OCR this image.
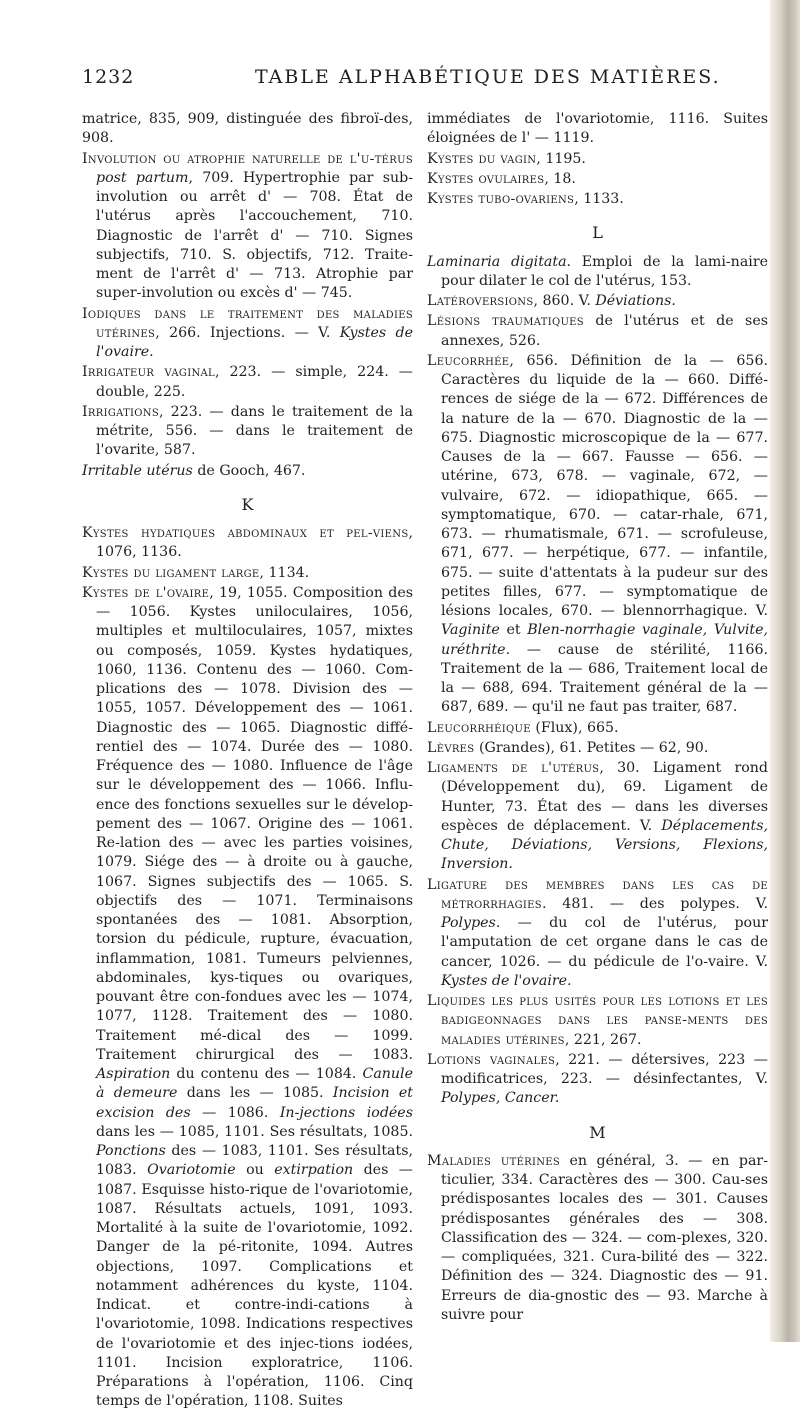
1232	TABLE ALPHABÉTIQUE DES MATIÈRES.

matrice, 835, 909, distinguée des fibroï-des, 908.

Involution ou atrophie naturelle de l'u-térus post partum, 709. Hypertrophie par sub-involution ou arrêt d' — 708. État de l'utérus après l'accouchement, 710. Diagnostic de l'arrêt d' — 710. Signes subjectifs, 710. S. objectifs, 712. Traite-ment de l'arrêt d' — 713. Atrophie par super-involution ou excès d' — 745.

Iodiques dans le traitement des maladies utérines, 266. Injections. — V. Kystes de l'ovaire.

Irrigateur vaginal, 223. — simple, 224. — double, 225.

Irrigations, 223. — dans le traitement de la métrite, 556. — dans le traitement de l'ovarite, 587.

Irritable utérus de Gooch, 467.

K

Kystes hydatiques abdominaux et pel-viens, 1076, 1136.

Kystes du ligament large, 1134.

Kystes de l'ovaire, 19, 1055. Composition des — 1056. Kystes uniloculaires, 1056, multiples et multiloculaires, 1057, mixtes ou composés, 1059. Kystes hydatiques, 1060, 1136. Contenu des — 1060. Com-plications des — 1078. Division des — 1055, 1057. Développement des — 1061. Diagnostic des — 1065. Diagnostic diffé-rentiel des — 1074. Durée des — 1080. Fréquence des — 1080. Influence de l'âge sur le développement des — 1066. Influ-ence des fonctions sexuelles sur le dévelop-pement des — 1067. Origine des — 1061. Re-lation des — avec les parties voisines, 1079. Siége des — à droite ou à gauche, 1067. Signes subjectifs des — 1065. S. objectifs des — 1071. Terminaisons spontanées des — 1081. Absorption, torsion du pédicule, rupture, évacuation, inflammation, 1081. Tumeurs pelviennes, abdominales, kys-tiques ou ovariques, pouvant être con-fondues avec les — 1074, 1077, 1128. Traitement des — 1080. Traitement mé-dical des — 1099. Traitement chirurgical des — 1083. Aspiration du contenu des — 1084. Canule à demeure dans les — 1085. Incision et excision des — 1086. In-jections iodées dans les — 1085, 1101. Ses résultats, 1085. Ponctions des — 1083, 1101. Ses résultats, 1083. Ovariotomie ou extirpation des — 1087. Esquisse histo-rique de l'ovariotomie, 1087. Résultats actuels, 1091, 1093. Mortalité à la suite de l'ovariotomie, 1092. Danger de la pé-ritonite, 1094. Autres objections, 1097. Complications et notamment adhérences du kyste, 1104. Indicat. et contre-indi-cations à l'ovariotomie, 1098. Indications respectives de l'ovariotomie et des injec-tions iodées, 1101. Incision exploratrice, 1106. Préparations à l'opération, 1106. Cinq temps de l'opération, 1108. Suites

immédiates de l'ovariotomie, 1116. Suites éloignées de l' — 1119.

Kystes du vagin, 1195.

Kystes ovulaires, 18.

Kystes tubo-ovariens, 1133.

L

Laminaria digitata. Emploi de la lami-naire pour dilater le col de l'utérus, 153.

Latéroversions, 860. V. Déviations.

Lésions traumatiques de l'utérus et de ses annexes, 526.

Leucorrhée, 656. Définition de la — 656. Caractères du liquide de la — 660. Diffé-rences de siége de la — 672. Différences de la nature de la — 670. Diagnostic de la — 675. Diagnostic microscopique de la — 677. Causes de la — 667. Fausse — 656. — utérine, 673, 678. — vaginale, 672, — vulvaire, 672. — idiopathique, 665. — symptomatique, 670. — catar-rhale, 671, 673. — rhumatismale, 671. — scrofuleuse, 671, 677. — herpétique, 677. — infantile, 675. — suite d'attentats à la pudeur sur des petites filles, 677. — symptomatique de lésions locales, 670. — blennorrhagique. V. Vaginite et Blen-norrhagie vaginale, Vulvite, uréthrite. — cause de stérilité, 1166. Traitement de la — 686, Traitement local de la — 688, 694. Traitement général de la — 687, 689. — qu'il ne faut pas traiter, 687.

Leucorrhéique (Flux), 665.

Lèvres (Grandes), 61. Petites — 62, 90.

Ligaments de l'utérus, 30. Ligament rond (Développement du), 69. Ligament de Hunter, 73. État des — dans les diverses espèces de déplacement. V. Déplacements, Chute, Déviations, Versions, Flexions, Inversion.

Ligature des membres dans les cas de métrorrhagies. 481. — des polypes. V. Polypes. — du col de l'utérus, pour l'amputation de cet organe dans le cas de cancer, 1026. — du pédicule de l'o-vaire. V. Kystes de l'ovaire.

Liquides les plus usités pour les lotions et les badigeonnages dans les panse-ments des maladies utérines, 221, 267.

Lotions vaginales, 221. — détersives, 223 — modificatrices, 223. — désinfectantes, V. Polypes, Cancer.

M

Maladies utérines en général, 3. — en par-ticulier, 334. Caractères des — 300. Cau-ses prédisposantes locales des — 301. Causes prédisposantes générales des — 308. Classification des — 324. — com-plexes, 320. — compliquées, 321. Cura-bilité des — 322. Définition des — 324. Diagnostic des — 91. Erreurs de dia-gnostic des — 93. Marche à suivre pour
